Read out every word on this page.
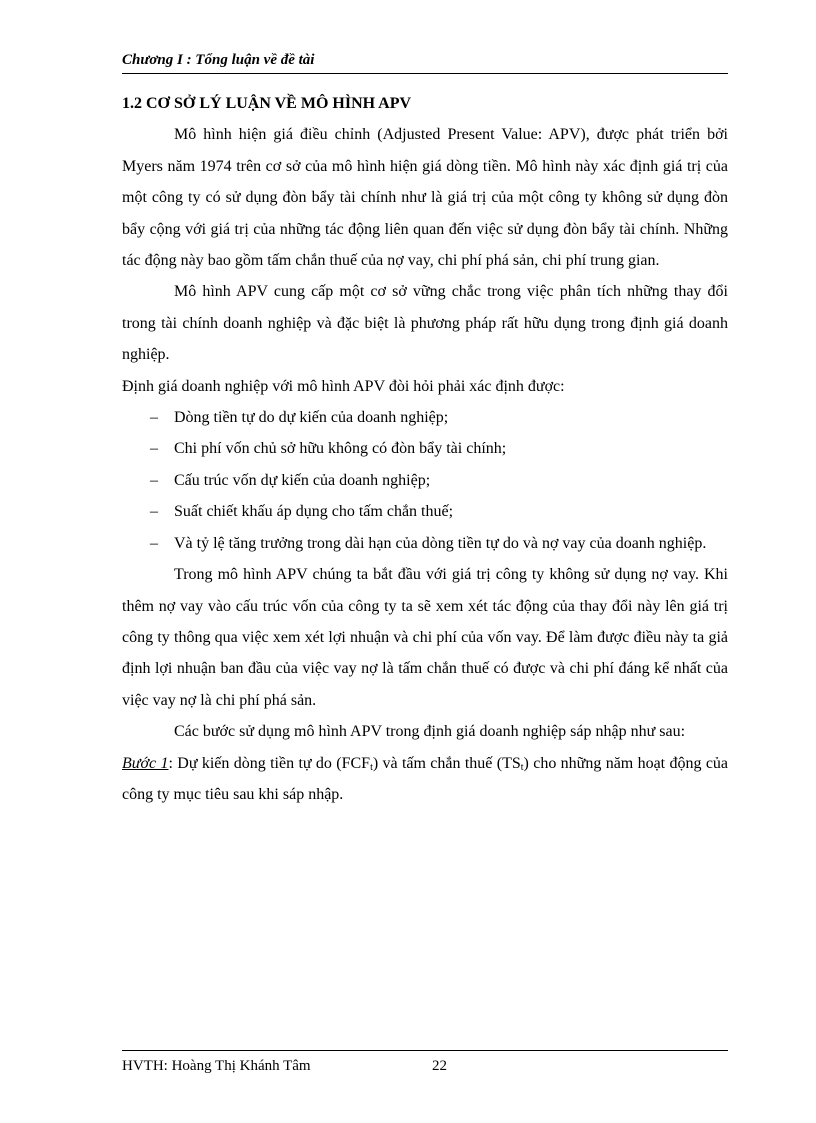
Chương I : Tổng luận về đề tài

1.2 CƠ SỞ LÝ LUẬN VỀ MÔ HÌNH APV

Mô hình hiện giá điều chỉnh (Adjusted Present Value: APV), được phát triển bởi Myers năm 1974 trên cơ sở của mô hình hiện giá dòng tiền. Mô hình này xác định giá trị của một công ty có sử dụng đòn bẩy tài chính như là giá trị của một công ty không sử dụng đòn bẩy cộng với giá trị của những tác động liên quan đến việc sử dụng đòn bẩy tài chính. Những tác động này bao gồm tấm chắn thuế của nợ vay, chi phí phá sản, chi phí trung gian.

Mô hình APV cung cấp một cơ sở vững chắc trong việc phân tích những thay đổi trong tài chính doanh nghiệp và đặc biệt là phương pháp rất hữu dụng trong định giá doanh nghiệp.

Định giá doanh nghiệp với mô hình APV đòi hỏi phải xác định được:

– Dòng tiền tự do dự kiến của doanh nghiệp;
– Chi phí vốn chủ sở hữu không có đòn bẩy tài chính;
– Cấu trúc vốn dự kiến của doanh nghiệp;
– Suất chiết khấu áp dụng cho tấm chắn thuế;
– Và tỷ lệ tăng trưởng trong dài hạn của dòng tiền tự do và nợ vay của doanh nghiệp.

Trong mô hình APV chúng ta bắt đầu với giá trị công ty không sử dụng nợ vay. Khi thêm nợ vay vào cấu trúc vốn của công ty ta sẽ xem xét tác động của thay đổi này lên giá trị công ty thông qua việc xem xét lợi nhuận và chi phí của vốn vay. Để làm được điều này ta giả định lợi nhuận ban đầu của việc vay nợ là tấm chắn thuế có được và chi phí đáng kể nhất của việc vay nợ là chi phí phá sản.

Các bước sử dụng mô hình APV trong định giá doanh nghiệp sáp nhập như sau:

Bước 1: Dự kiến dòng tiền tự do $(FCF_t)$ và tấm chắn thuế $(TS_t)$ cho những năm hoạt động của công ty mục tiêu sau khi sáp nhập.

HVTH: Hoàng Thị Khánh Tâm	22
